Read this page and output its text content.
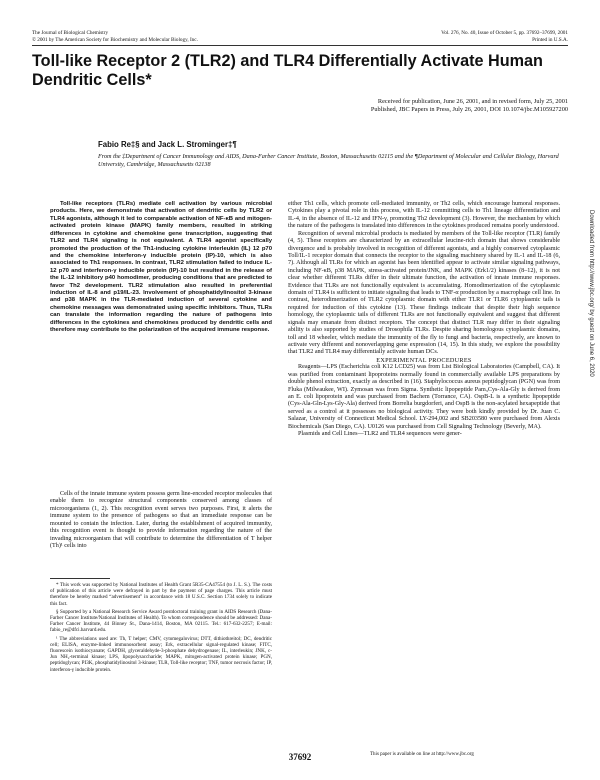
The Journal of Biological Chemistry
© 2001 by The American Society for Biochemistry and Molecular Biology, Inc.
Vol. 276, No. 40, Issue of October 5, pp. 37692–37699, 2001
Printed in U.S.A.
Toll-like Receptor 2 (TLR2) and TLR4 Differentially Activate Human Dendritic Cells*
Received for publication, June 26, 2001, and in revised form, July 25, 2001
Published, JBC Papers in Press, July 26, 2001, DOI 10.1074/jbc.M105927200
Fabio Re‡§ and Jack L. Strominger‡¶
From the ‡Department of Cancer Immunology and AIDS, Dana-Farber Cancer Institute, Boston, Massachusetts 02115 and the ¶Department of Molecular and Cellular Biology, Harvard University, Cambridge, Massachusetts 02138

Toll-like receptors (TLRs) mediate cell activation by various microbial products. Here, we demonstrate that activation of dendritic cells by TLR2 or TLR4 agonists, although it led to comparable activation of NF-κB and mitogen-activated protein kinase (MAPK) family members, resulted in striking differences in cytokine and chemokine gene transcription, suggesting that TLR2 and TLR4 signaling is not equivalent. A TLR4 agonist specifically promoted the production of the Th1-inducing cytokine interleukin (IL) 12 p70 and the chemokine interferon-γ inducible protein (IP)-10, which is also associated to Th1 responses. In contrast, TLR2 stimulation failed to induce IL-12 p70 and interferon-γ inducible protein (IP)-10 but resulted in the release of the IL-12 inhibitory p40 homodimer, producing conditions that are predicted to favor Th2 development. TLR2 stimulation also resulted in preferential induction of IL-8 and p19/IL-23. Involvement of phosphatidylinositol 3-kinase and p38 MAPK in the TLR-mediated induction of several cytokine and chemokine messages was demonstrated using specific inhibitors. Thus, TLRs can translate the information regarding the nature of pathogens into differences in the cytokines and chemokines produced by dendritic cells and therefore may contribute to the polarization of the acquired immune response.

Cells of the innate immune system possess germ line-encoded receptor molecules that enable them to recognize structural components conserved among classes of microorganisms (1, 2). This recognition event serves two purposes. First, it alerts the immune system to the presence of pathogens so that an immediate response can be mounted to contain the infection. Later, during the establishment of acquired immunity, this recognition event is thought to provide information regarding the nature of the invading microorganism that will contribute to determine the differentiation of T helper (Th)¹ cells into

* This work was supported by National Institutes of Health Grant 5R35-CA47554 (to J. L. S.). The costs of publication of this article were defrayed in part by the payment of page charges. This article must therefore be hereby marked “advertisement” in accordance with 18 U.S.C. Section 1734 solely to indicate this fact.

§ Supported by a National Research Service Award postdoctoral training grant in AIDS Research (Dana-Farber Cancer Institute/National Institutes of Health). To whom correspondence should be addressed: Dana-Farber Cancer Institute, 44 Binney St., Dana-1414, Boston, MA 02115. Tel.: 617-632-2257; E-mail: fabio_re@dfci.harvard.edu.

¹ The abbreviations used are: Th, T helper; CMV, cytomegalovirus; DTT, dithiothreitol; DC, dendritic cell; ELISA, enzyme-linked immunosorbent assay; Erk, extracellular signal-regulated kinase; FITC, fluorescein isothiocyanate; GAPDH, glyceraldehyde-3-phosphate dehydrogenase; IL, interleukin; JNK, c-Jun NH₂-terminal kinase; LPS, lipopolysaccharide; MAPK, mitogen-activated protein kinase; PGN, peptidoglycan; PI3K, phosphatidylinositol 3-kinase; TLR, Toll-like receptor; TNF, tumor necrosis factor; IP, interferon-γ inducible protein.

either Th1 cells, which promote cell-mediated immunity, or Th2 cells, which encourage humoral responses. Cytokines play a pivotal role in this process, with IL-12 committing cells to Th1 lineage differentiation and IL-4, in the absence of IL-12 and IFN-γ, promoting Th2 development (3). However, the mechanism by which the nature of the pathogens is translated into differences in the cytokines produced remains poorly understood.

Recognition of several microbial products is mediated by members of the Toll-like receptor (TLR) family (4, 5). These receptors are characterized by an extracellular leucine-rich domain that shows considerable divergence and is probably involved in recognition of different agonists, and a highly conserved cytoplasmic Toll/IL-1 receptor domain that connects the receptor to the signaling machinery shared by IL-1 and IL-18 (6, 7). Although all TLRs for which an agonist has been identified appear to activate similar signaling pathways, including NF-κB, p38 MAPK, stress-activated protein/JNK, and MAPK (Erk1/2) kinases (8–12), it is not clear whether different TLRs differ in their ultimate function, the activation of innate immune responses. Evidence that TLRs are not functionally equivalent is accumulating. Homodimerization of the cytoplasmic domain of TLR4 is sufficient to initiate signaling that leads to TNF-α production by a macrophage cell line. In contrast, heterodimerization of TLR2 cytoplasmic domain with either TLR1 or TLR6 cytoplasmic tails is required for induction of this cytokine (13). These findings indicate that despite their high sequence homology, the cytoplasmic tails of different TLRs are not functionally equivalent and suggest that different signals may emanate from distinct receptors. The concept that distinct TLR may differ in their signaling ability is also supported by studies of Drosophila TLRs. Despite sharing homologous cytoplasmic domains, toll and 18 wheeler, which mediate the immunity of the fly to fungi and bacteria, respectively, are known to activate very different and nonoverlapping gene expression (14, 15). In this study, we explore the possibility that TLR2 and TLR4 may differentially activate human DCs.

EXPERIMENTAL PROCEDURES

Reagents—LPS (Escherichia coli K12 LCD25) was from List Biological Laboratories (Campbell, CA). It was purified from contaminant lipoproteins normally found in commercially available LPS preparations by double phenol extraction, exactly as described in (16). Staphylococcus aureus peptidoglycan (PGN) was from Fluka (Milwaukee, WI). Zymosan was from Sigma. Synthetic lipopeptide Pam₃Cys-Ala-Gly is derived from an E. coli lipoprotein and was purchased from Bachem (Torrance, CA). OspB-L is a synthetic lipopeptide (Cys-Ala-Gln-Lys-Gly-Ala) derived from Borrelia burgdorferi, and OspB is the non-acylated hexapeptide that served as a control at it possesses no biological activity. They were both kindly provided by Dr. Juan C. Salazar, University of Connecticut Medical School. LY-294,002 and SB203580 were purchased from Alexis Biochemicals (San Diego, CA). U0126 was purchased from Cell Signaling Technology (Beverly, MA).

Plasmids and Cell Lines—TLR2 and TLR4 sequences were gener-

37692	This paper is available on line at http://www.jbc.org
Downloaded from http://www.jbc.org/ by guest on June 6, 2020
